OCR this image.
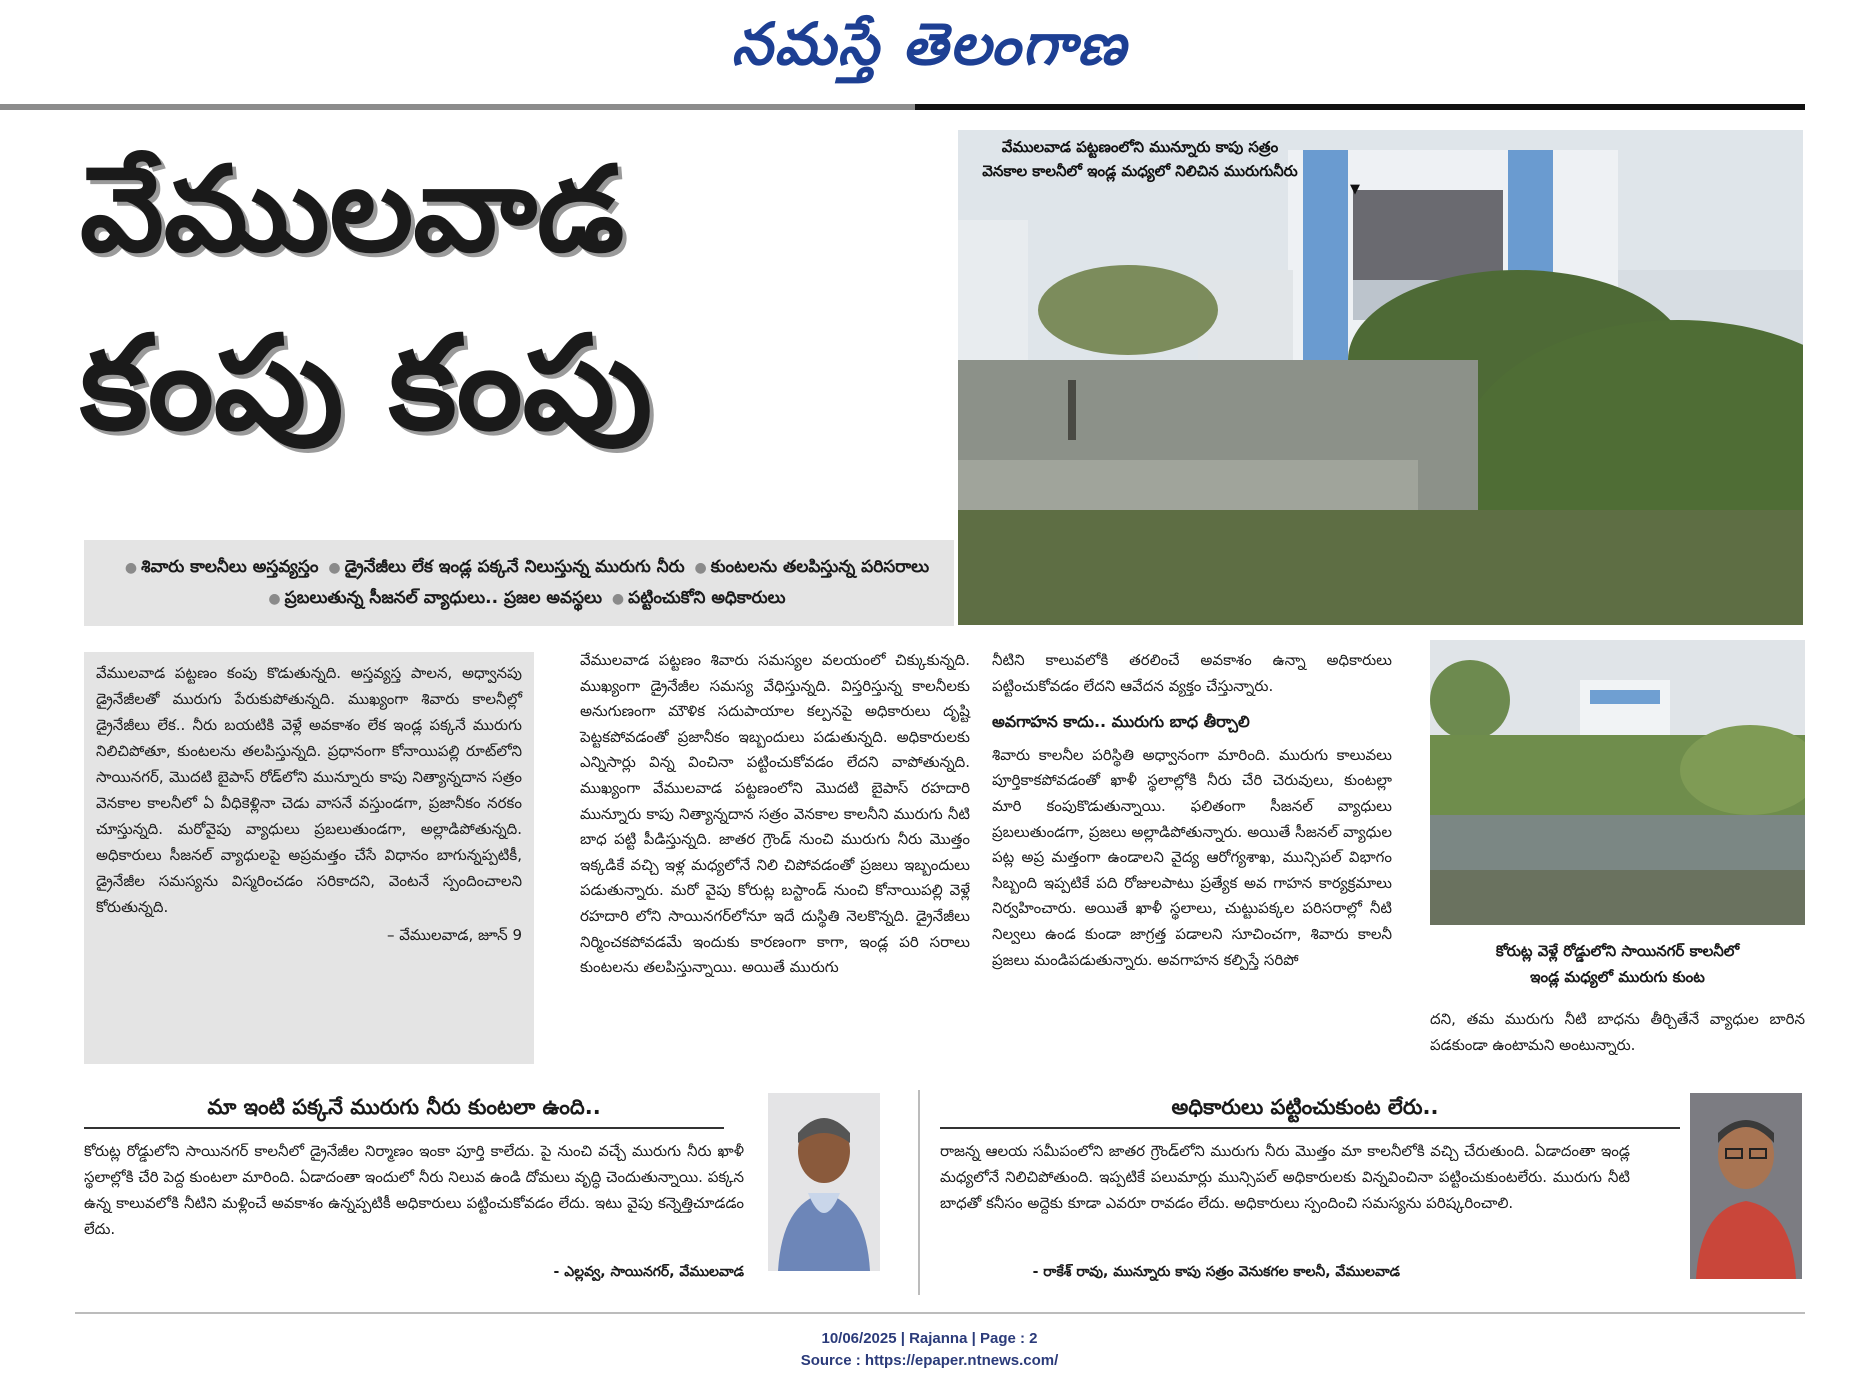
నమస్తే తెలంగాణ
వేములవాడ
కంపు కంపు
● శివారు కాలనీలు అస్తవ్యస్తం ● డ్రైనేజీలు లేక ఇండ్ల పక్కనే నిలుస్తున్న మురుగు నీరు ● కుంటలను తలపిస్తున్న పరిసరాలు ● ప్రబలుతున్న సీజనల్ వ్యాధులు.. ప్రజల అవస్థలు ● పట్టించుకోని అధికారులు
వేములవాడ పట్టణంలోని మున్నూరు కాపు సత్రం
వెనకాల కాలనీలో ఇండ్ల మధ్యలో నిలిచిన మురుగునీరు
▼
కోరుట్ల వెళ్లే రోడ్డులోని సాయినగర్ కాలనీలో
ఇండ్ల మధ్యలో మురుగు కుంట
వేములవాడ పట్టణం కంపు కొడుతున్నది. అస్తవ్యస్త పాలన, అధ్వానపు డ్రైనేజీలతో మురుగు పేరుకుపోతున్నది. ముఖ్యంగా శివారు కాలనీల్లో డ్రైనేజీలు లేక.. నీరు బయటికి వెళ్లే అవకాశం లేక ఇండ్ల పక్కనే మురుగు నిలిచిపోతూ, కుంటలను తలపిస్తున్నది. ప్రధానంగా కోనాయిపల్లి రూట్‌లోని సాయినగర్, మొదటి బైపాస్ రోడ్‌లోని మున్నూరు కాపు నిత్యాన్నదాన సత్రం వెనకాల కాలనీలో ఏ వీధికెళ్లినా చెడు వాసనే వస్తుండగా, ప్రజానీకం నరకం చూస్తున్నది. మరోవైపు వ్యాధులు ప్రబలుతుండగా, అల్లాడిపోతున్నది. అధికారులు సీజనల్ వ్యాధులపై అప్రమత్తం చేసే విధానం బాగున్నప్పటికీ, డ్రైనేజీల సమస్యను విస్మరించడం సరికాదని, వెంటనే స్పందించాలని కోరుతున్నది.
– వేములవాడ, జూన్ 9
వేములవాడ పట్టణం శివారు సమస్యల వలయంలో చిక్కుకున్నది. ముఖ్యంగా డ్రైనేజీల సమస్య వేధిస్తున్నది. విస్తరిస్తున్న కాలనీలకు అనుగుణంగా మౌళిక సదుపాయాల కల్పనపై అధికారులు దృష్టి పెట్టకపోవడంతో ప్రజానీకం ఇబ్బందులు పడుతున్నది. అధికారులకు ఎన్నిసార్లు విన్న వించినా పట్టించుకోవడం లేదని వాపోతున్నది. ముఖ్యంగా వేములవాడ పట్టణంలోని మొదటి బైపాస్ రహదారి మున్నూరు కాపు నిత్యాన్నదాన సత్రం వెనకాల కాలనీని మురుగు నీటి బాధ పట్టి పీడిస్తున్నది. జాతర గ్రౌండ్ నుంచి మురుగు నీరు మొత్తం ఇక్కడికే వచ్చి ఇళ్ల మధ్యలోనే నిలి చిపోవడంతో ప్రజలు ఇబ్బందులు పడుతున్నారు. మరో వైపు కోరుట్ల బస్టాండ్ నుంచి కోనాయిపల్లి వెళ్లే రహదారి లోని సాయినగర్‌లోనూ ఇదే దుస్థితి నెలకొన్నది. డ్రైనేజీలు నిర్మించకపోవడమే ఇందుకు కారణంగా కాగా, ఇండ్ల పరి సరాలు కుంటలను తలపిస్తున్నాయి. అయితే మురుగు
నీటిని కాలువలోకి తరలించే అవకాశం ఉన్నా అధికారులు పట్టించుకోవడం లేదని ఆవేదన వ్యక్తం చేస్తున్నారు.
అవగాహన కాదు.. మురుగు బాధ తీర్చాలి
శివారు కాలనీల పరిస్థితి అధ్వానంగా మారింది. మురుగు కాలువలు పూర్తికాకపోవడంతో ఖాళీ స్థలాల్లోకి నీరు చేరి చెరువులు, కుంటల్లా మారి కంపుకొడుతున్నాయి. ఫలితంగా సీజనల్ వ్యాధులు ప్రబలుతుండగా, ప్రజలు అల్లాడిపోతున్నారు. అయితే సీజనల్ వ్యాధుల పట్ల అప్ర మత్తంగా ఉండాలని వైద్య ఆరోగ్యశాఖ, మున్సిపల్ విభాగం సిబ్బంది ఇప్పటికే పది రోజులపాటు ప్రత్యేక అవ గాహన కార్యక్రమాలు నిర్వహించారు. అయితే ఖాళీ స్థలాలు, చుట్టుపక్కల పరిసరాల్లో నీటి నిల్వలు ఉండ కుండా జాగ్రత్త పడాలని సూచించగా, శివారు కాలనీ ప్రజలు మండిపడుతున్నారు. అవగాహన కల్పిస్తే సరిపో
దని, తమ మురుగు నీటి బాధను తీర్చితేనే వ్యాధుల బారిన పడకుండా ఉంటామని అంటున్నారు.
మా ఇంటి పక్కనే మురుగు నీరు కుంటలా ఉంది..
కోరుట్ల రోడ్డులోని సాయినగర్ కాలనీలో డ్రైనేజీల నిర్మాణం ఇంకా పూర్తి కాలేదు. పై నుంచి వచ్చే మురుగు నీరు ఖాళీ స్థలాల్లోకి చేరి పెద్ద కుంటలా మారింది. ఏడాదంతా ఇందులో నీరు నిలువ ఉండి దోమలు వృద్ధి చెందుతున్నాయి. పక్కన ఉన్న కాలువలోకి నీటిని మళ్లించే అవకాశం ఉన్నప్పటికీ అధికారులు పట్టించుకోవడం లేదు. ఇటు వైపు కన్నెత్తిచూడడం లేదు.
- ఎల్లవ్వ, సాయినగర్, వేములవాడ
అధికారులు పట్టించుకుంట లేరు..
రాజన్న ఆలయ సమీపంలోని జాతర గ్రౌండ్‌లోని మురుగు నీరు మొత్తం మా కాలనీలోకి వచ్చి చేరుతుంది. ఏడాదంతా ఇండ్ల మధ్యలోనే నిలిచిపోతుంది. ఇప్పటికే పలుమార్లు మున్సిపల్ అధికారులకు విన్నవించినా పట్టించుకుంటలేరు. మురుగు నీటి బాధతో కనీసం అద్దెకు కూడా ఎవరూ రావడం లేదు. అధికారులు స్పందించి సమస్యను పరిష్కరించాలి.
- రాకేశ్ రావు, మున్నూరు కాపు సత్రం వెనుకగల కాలనీ, వేములవాడ
10/06/2025 | Rajanna | Page : 2
Source : https://epaper.ntnews.com/
